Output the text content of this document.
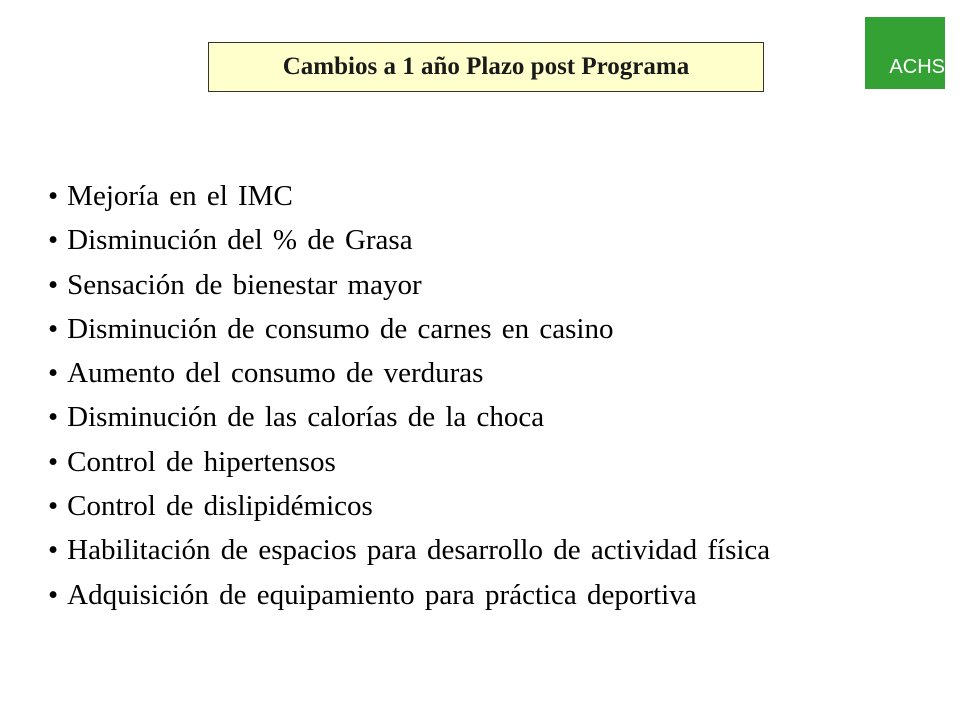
Cambios a 1 año Plazo post Programa	ACHS
• Mejoría en el IMC
• Disminución del % de Grasa
• Sensación de bienestar mayor
• Disminución de consumo de carnes en casino
• Aumento del consumo de verduras
• Disminución de las calorías de la choca
• Control de hipertensos
• Control de dislipidémicos
• Habilitación de espacios para desarrollo de actividad física
• Adquisición de equipamiento para práctica deportiva
